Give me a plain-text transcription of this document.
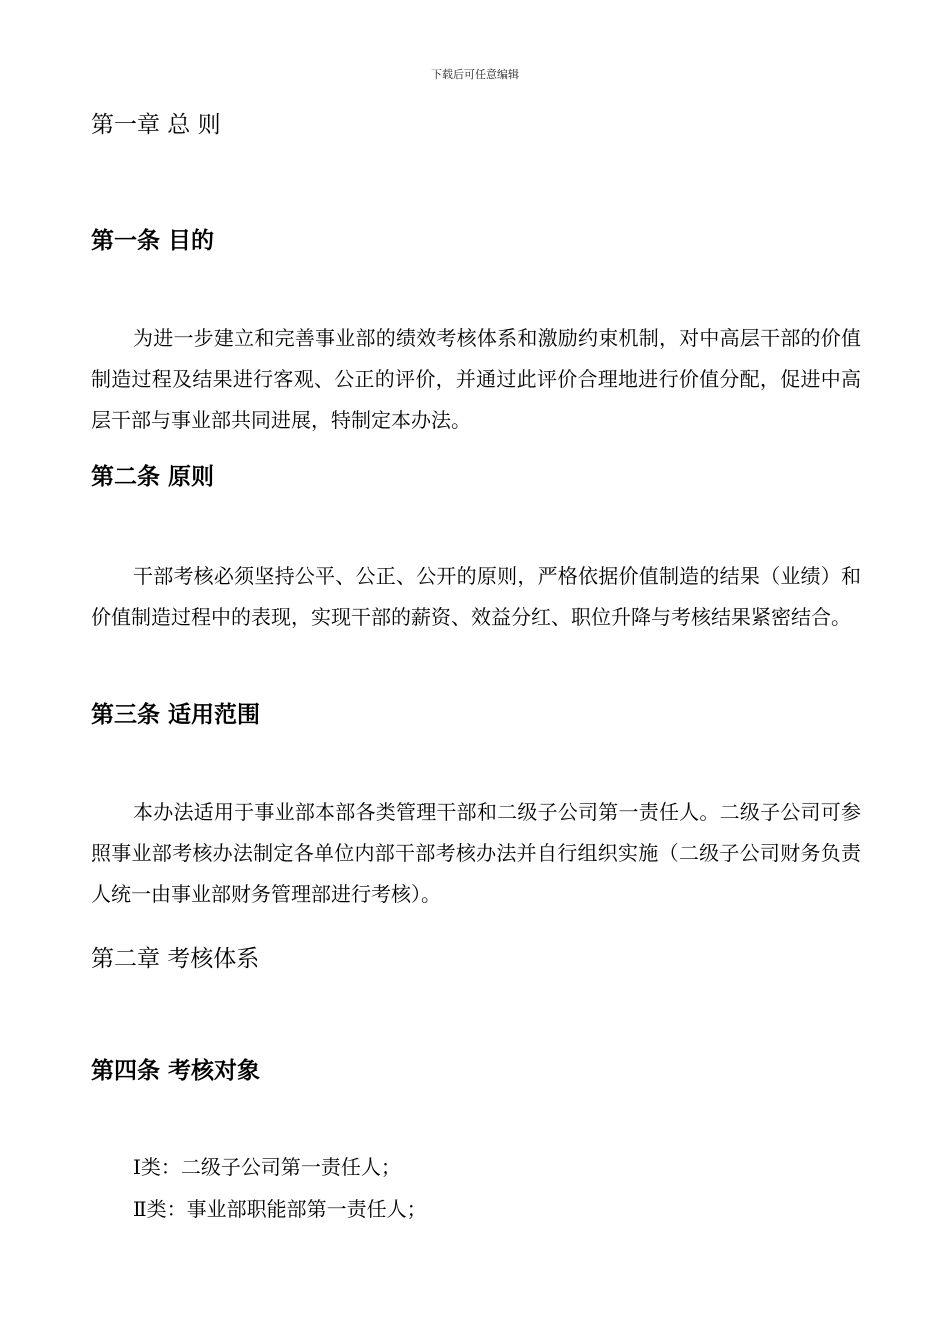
下载后可任意编辑
第一章 总 则
第一条 目的
为进一步建立和完善事业部的绩效考核体系和激励约束机制，对中高层干部的价值制造过程及结果进行客观、公正的评价，并通过此评价合理地进行价值分配，促进中高层干部与事业部共同进展，特制定本办法。
第二条 原则
干部考核必须坚持公平、公正、公开的原则，严格依据价值制造的结果（业绩）和价值制造过程中的表现，实现干部的薪资、效益分红、职位升降与考核结果紧密结合。
第三条 适用范围
本办法适用于事业部本部各类管理干部和二级子公司第一责任人。二级子公司可参照事业部考核办法制定各单位内部干部考核办法并自行组织实施（二级子公司财务负责人统一由事业部财务管理部进行考核）。
第二章 考核体系
第四条 考核对象
Ⅰ类：二级子公司第一责任人；
Ⅱ类：事业部职能部第一责任人；
